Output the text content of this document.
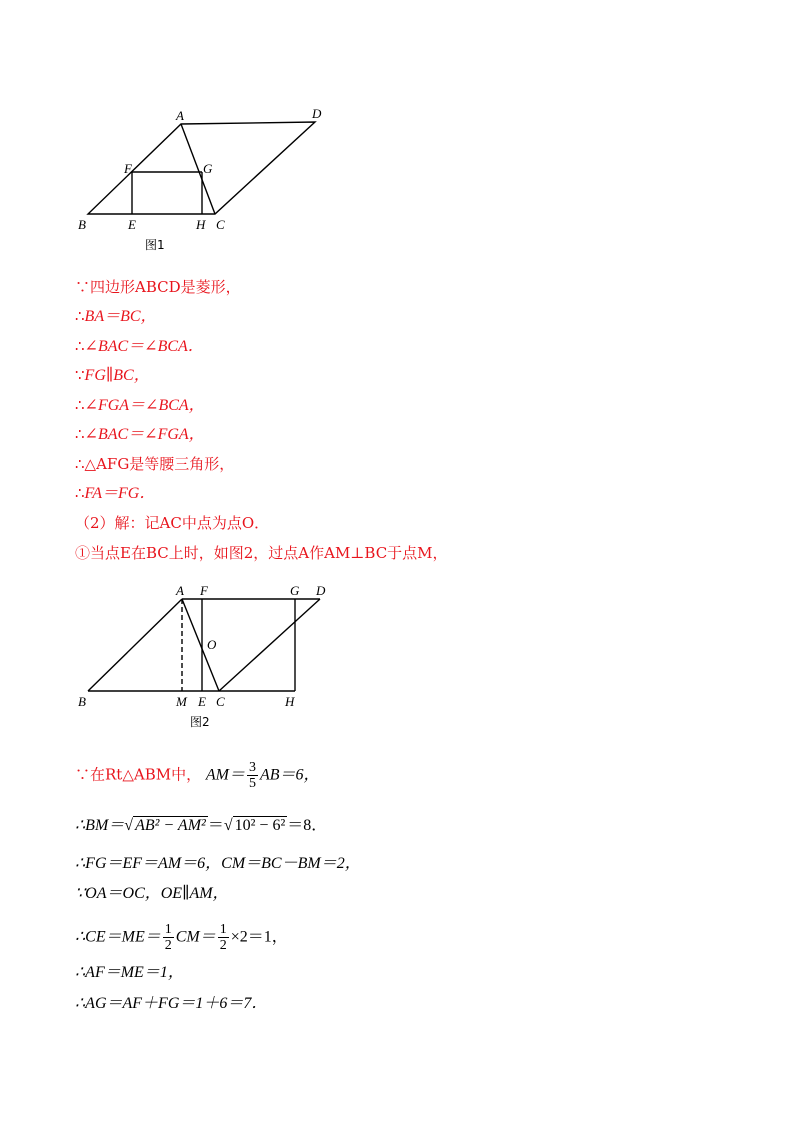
A	D
F	G
B	E	H C
图1
∵四边形ABCD是菱形，
∴BA＝BC，
∴∠BAC＝∠BCA．
∵FG∥BC，
∴∠FGA＝∠BCA，
∴∠BAC＝∠FGA，
∴△AFG是等腰三角形，
∴FA＝FG．
（2）解：记AC中点为点O．
①当点E在BC上时，如图2，过点A作AM⊥BC于点M，
A F	G D
O
B	M E C	H
图2
∵在Rt△ABM中， $AM= \frac{3}{5} AB=6$，
∴BM＝√ AB² − AM² ＝√ 10² − 6² ＝8．
∴FG＝EF＝AM＝6，CM＝BC－BM＝2，
∵OA＝OC，OE∥AM，
∴CE＝ME＝ $\frac{1}{2} CM= \frac{1}{2} \times 2=1$，
∴AF＝ME＝1，
∴AG＝AF＋FG＝1＋6＝7．
